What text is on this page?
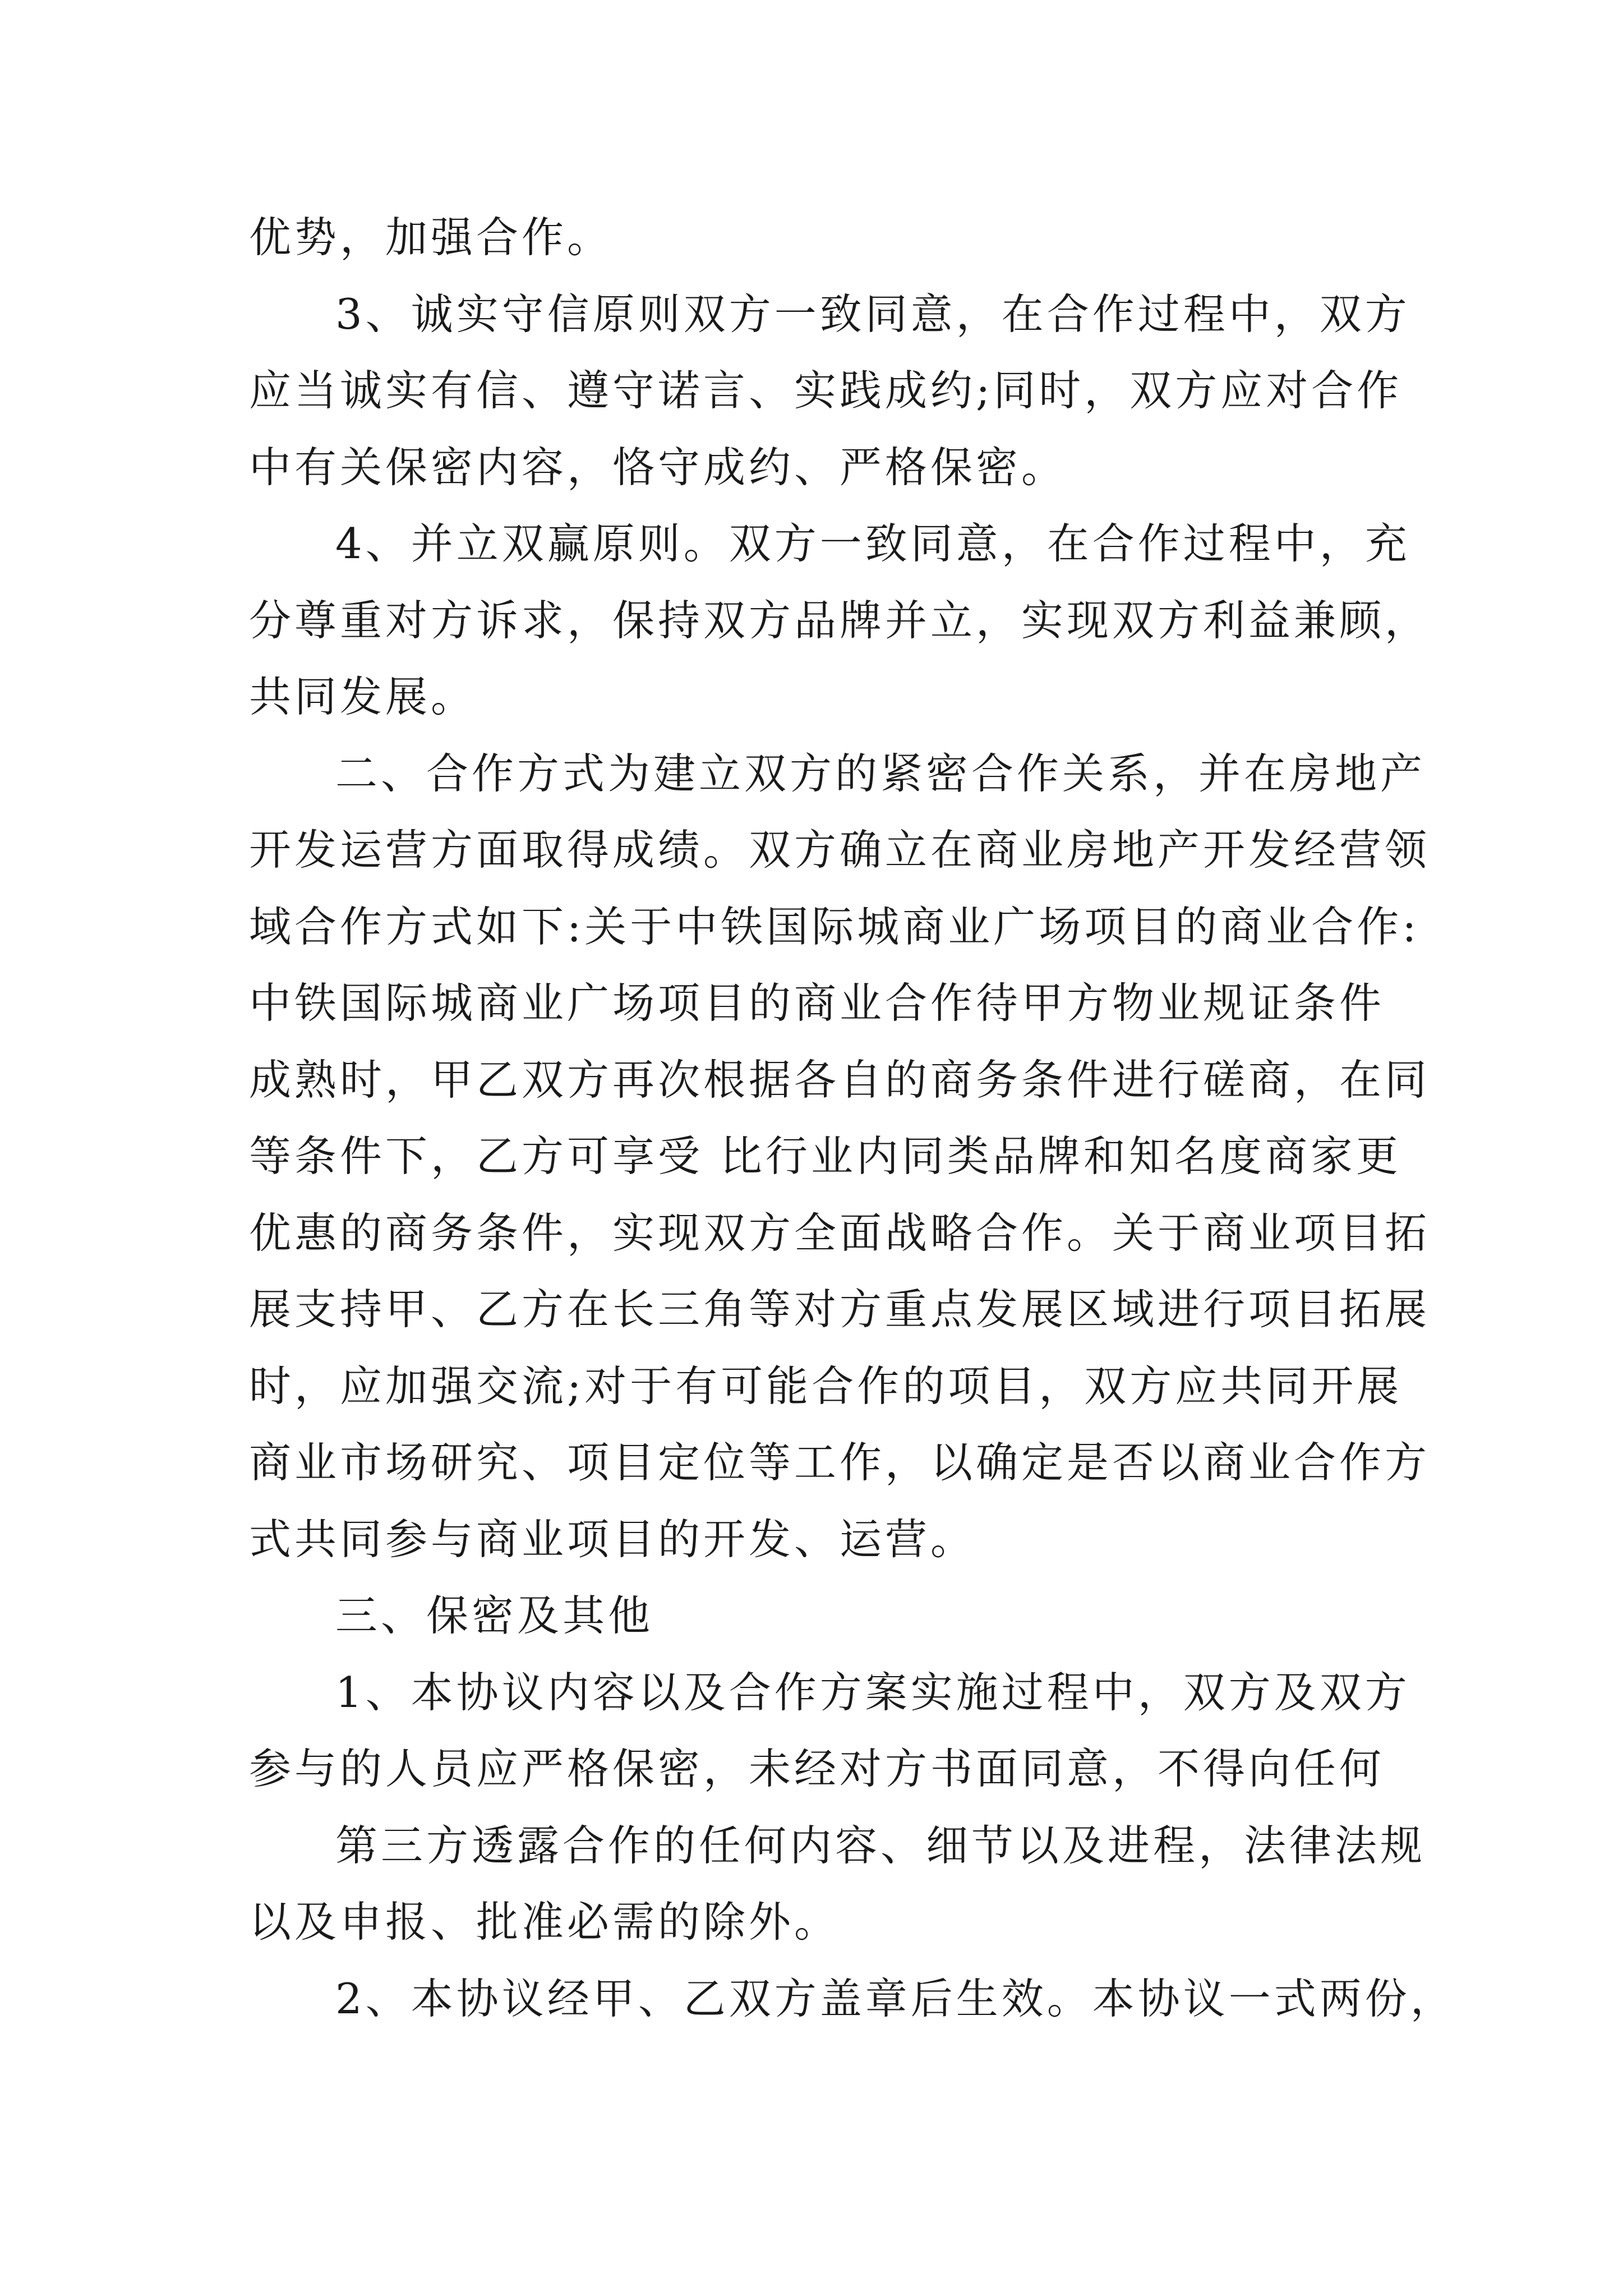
优势，加强合作。
3、诚实守信原则双方一致同意，在合作过程中，双方
应当诚实有信、遵守诺言、实践成约;同时，双方应对合作
中有关保密内容，恪守成约、严格保密。
4、并立双赢原则。双方一致同意，在合作过程中，充
分尊重对方诉求，保持双方品牌并立，实现双方利益兼顾，
共同发展。
二、合作方式为建立双方的紧密合作关系，并在房地产
开发运营方面取得成绩。双方确立在商业房地产开发经营领
域合作方式如下:关于中铁国际城商业广场项目的商业合作:
中铁国际城商业广场项目的商业合作待甲方物业规证条件
成熟时，甲乙双方再次根据各自的商务条件进行磋商，在同
等条件下，乙方可享受 比行业内同类品牌和知名度商家更
优惠的商务条件，实现双方全面战略合作。关于商业项目拓
展支持甲、乙方在长三角等对方重点发展区域进行项目拓展
时，应加强交流;对于有可能合作的项目，双方应共同开展
商业市场研究、项目定位等工作，以确定是否以商业合作方
式共同参与商业项目的开发、运营。
三、保密及其他
1、本协议内容以及合作方案实施过程中，双方及双方
参与的人员应严格保密，未经对方书面同意，不得向任何
第三方透露合作的任何内容、细节以及进程，法律法规
以及申报、批准必需的除外。
2、本协议经甲、乙双方盖章后生效。本协议一式两份，
